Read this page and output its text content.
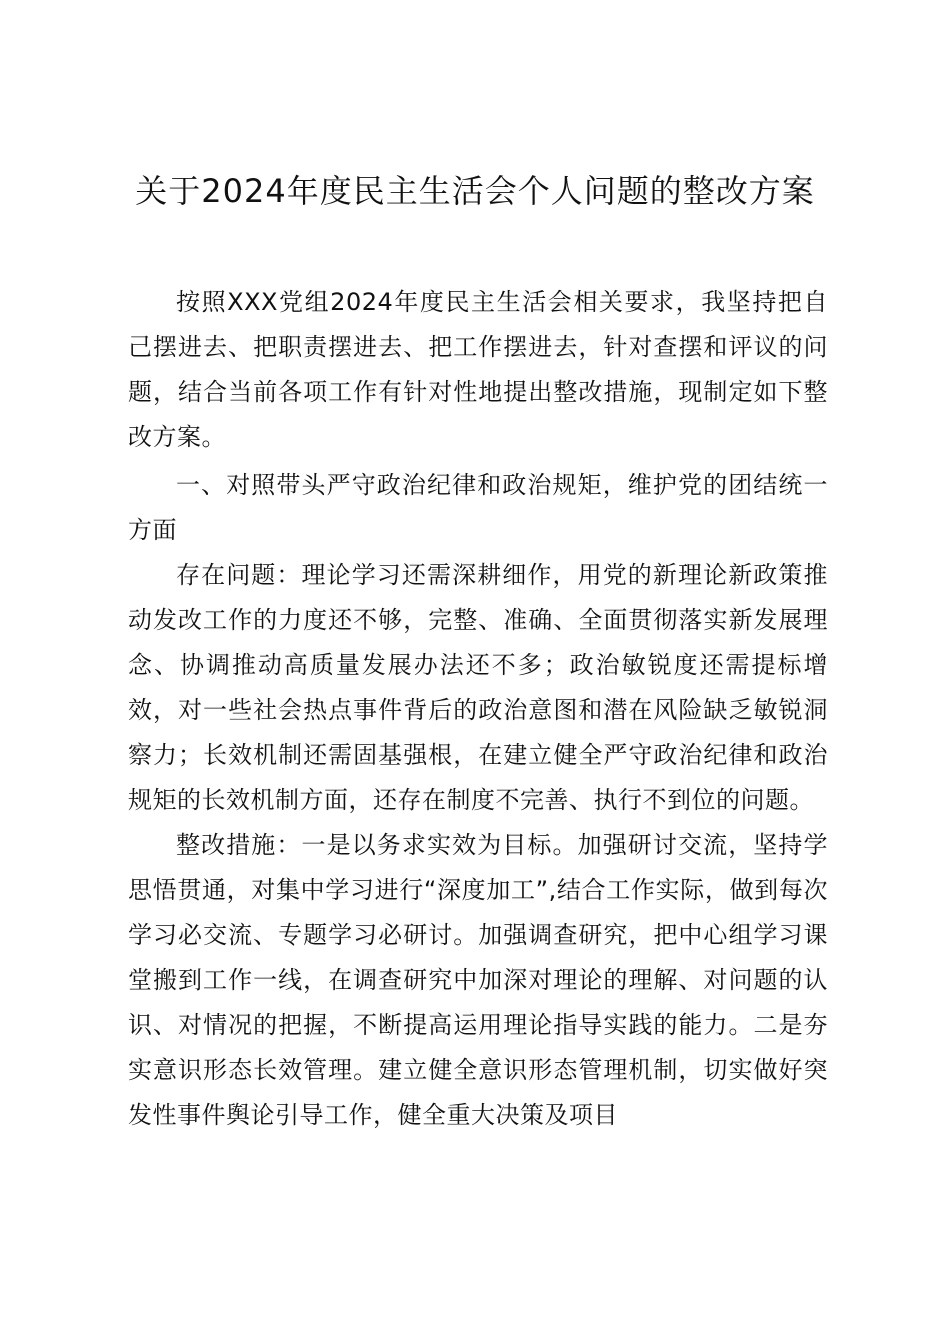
关于2024年度民主生活会个人问题的整改方案

按照XXX党组2024年度民主生活会相关要求，我坚持把自己摆进去、把职责摆进去、把工作摆进去，针对查摆和评议的问题，结合当前各项工作有针对性地提出整改措施，现制定如下整改方案。

一、对照带头严守政治纪律和政治规矩，维护党的团结统一方面

存在问题：理论学习还需深耕细作，用党的新理论新政策推动发改工作的力度还不够，完整、准确、全面贯彻落实新发展理念、协调推动高质量发展办法还不多；政治敏锐度还需提标增效，对一些社会热点事件背后的政治意图和潜在风险缺乏敏锐洞察力；长效机制还需固基强根，在建立健全严守政治纪律和政治规矩的长效机制方面，还存在制度不完善、执行不到位的问题。

整改措施：一是以务求实效为目标。加强研讨交流，坚持学思悟贯通，对集中学习进行“深度加工”,结合工作实际，做到每次学习必交流、专题学习必研讨。加强调查研究，把中心组学习课堂搬到工作一线，在调查研究中加深对理论的理解、对问题的认识、对情况的把握，不断提高运用理论指导实践的能力。二是夯实意识形态长效管理。建立健全意识形态管理机制，切实做好突发性事件舆论引导工作，健全重大决策及项目
